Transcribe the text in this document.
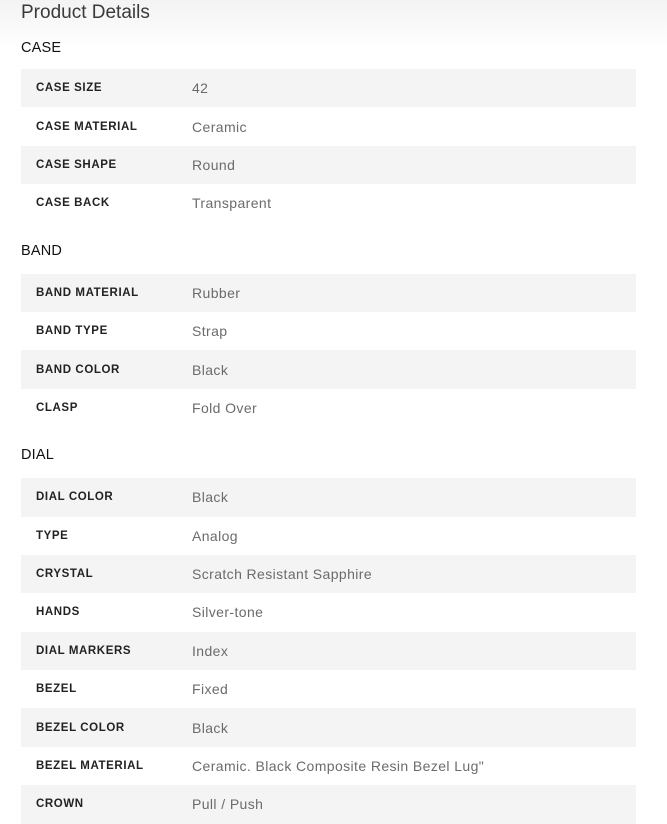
Product Details
CASE
CASE SIZE	42
CASE MATERIAL	Ceramic
CASE SHAPE	Round
CASE BACK	Transparent
BAND
BAND MATERIAL	Rubber
BAND TYPE	Strap
BAND COLOR	Black
CLASP	Fold Over
DIAL
DIAL COLOR	Black
TYPE	Analog
CRYSTAL	Scratch Resistant Sapphire
HANDS	Silver-tone
DIAL MARKERS	Index
BEZEL	Fixed
BEZEL COLOR	Black
BEZEL MATERIAL	Ceramic. Black Composite Resin Bezel Lug"
CROWN	Pull / Push
